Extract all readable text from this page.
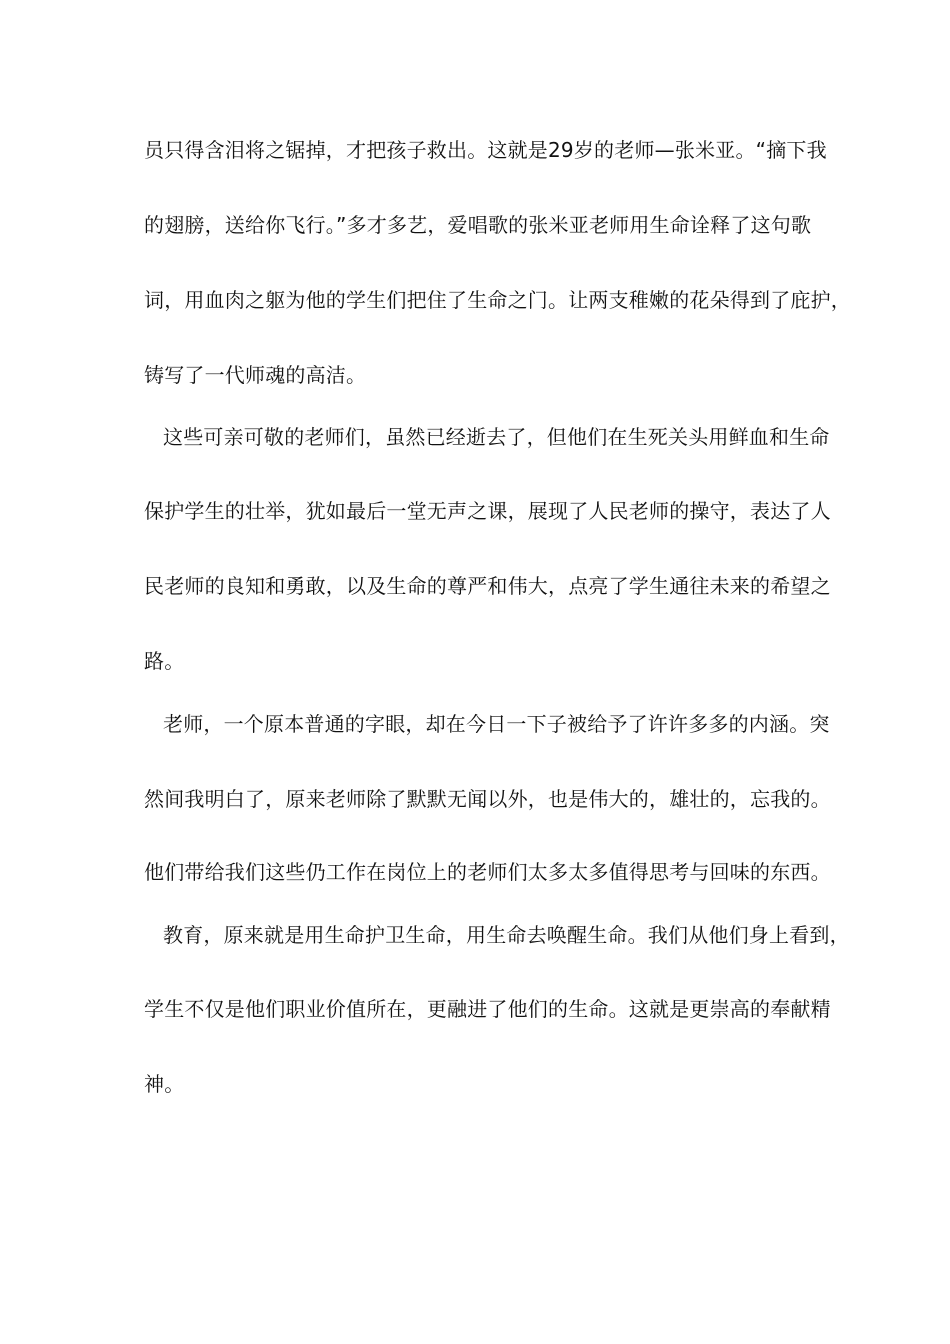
员只得含泪将之锯掉，才把孩子救出。这就是29岁的老师—张米亚。“摘下我
的翅膀，送给你飞行。”多才多艺，爱唱歌的张米亚老师用生命诠释了这句歌
词，用血肉之躯为他的学生们把住了生命之门。让两支稚嫩的花朵得到了庇护，
铸写了一代师魂的高洁。
这些可亲可敬的老师们，虽然已经逝去了，但他们在生死关头用鲜血和生命
保护学生的壮举，犹如最后一堂无声之课，展现了人民老师的操守，表达了人
民老师的良知和勇敢，以及生命的尊严和伟大，点亮了学生通往未来的希望之
路。
老师，一个原本普通的字眼，却在今日一下子被给予了许许多多的内涵。突
然间我明白了，原来老师除了默默无闻以外，也是伟大的，雄壮的，忘我的。
他们带给我们这些仍工作在岗位上的老师们太多太多值得思考与回味的东西。
教育，原来就是用生命护卫生命，用生命去唤醒生命。我们从他们身上看到，
学生不仅是他们职业价值所在，更融进了他们的生命。这就是更崇高的奉献精
神。
